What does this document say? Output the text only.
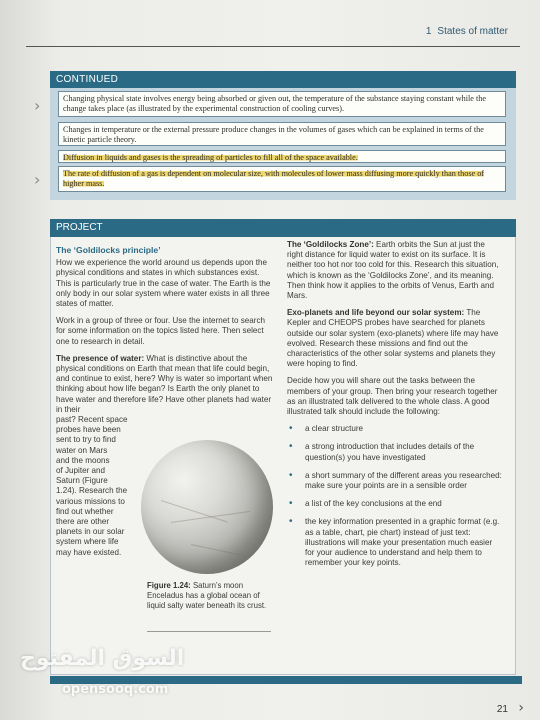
1 States of matter
CONTINUED
Changing physical state involves energy being absorbed or given out, the temperature of the substance staying constant while the change takes place (as illustrated by the experimental construction of cooling curves).
Changes in temperature or the external pressure produce changes in the volumes of gases which can be explained in terms of the kinetic particle theory.
Diffusion in liquids and gases is the spreading of particles to fill all of the space available.
The rate of diffusion of a gas is dependent on molecular size, with molecules of lower mass diffusing more quickly than those of higher mass.
›
›
PROJECT
The ‘Goldilocks principle’

How we experience the world around us depends upon the physical conditions and states in which substances exist. This is particularly true in the case of water. The Earth is the only body in our solar system where water exists in all three states of matter.

Work in a group of three or four. Use the internet to search for some information on the topics listed here. Then select one to research in detail.

The presence of water: What is distinctive about the physical conditions on Earth that mean that life could begin, and continue to exist, here? Why is water so important when thinking about how life began? Is Earth the only planet to have water and therefore life? Have other planets had water in their

past? Recent space
probes have been
sent to try to find
water on Mars
and the moons
of Jupiter and
Saturn (Figure
1.24). Research the
various missions to
find out whether
there are other
planets in our solar
system where life
may have existed.
Figure 1.24: Saturn’s moon Enceladus has a global ocean of liquid salty water beneath its crust.

The ‘Goldilocks Zone’: Earth orbits the Sun at just the right distance for liquid water to exist on its surface. It is neither too hot nor too cold for this. Research this situation, which is known as the ‘Goldilocks Zone’, and its meaning. Then think how it applies to the orbits of Venus, Earth and Mars.

Exo-planets and life beyond our solar system: The Kepler and CHEOPS probes have searched for planets outside our solar system (exo-planets) where life may have evolved. Research these missions and find out the characteristics of the other solar systems and planets they were hoping to find.

Decide how you will share out the tasks between the members of your group. Then bring your research together as an illustrated talk delivered to the whole class. A good illustrated talk should include the following:

• a clear structure
• a strong introduction that includes details of the question(s) you have investigated
• a short summary of the different areas you researched: make sure your points are in a sensible order
• a list of the key conclusions at the end
• the key information presented in a graphic format (e.g. as a table, chart, pie chart) instead of just text: illustrations will make your presentation much easier for your audience to understand and help them to remember your key points.
21 ›
السوق المفتوح
opensooq.com
